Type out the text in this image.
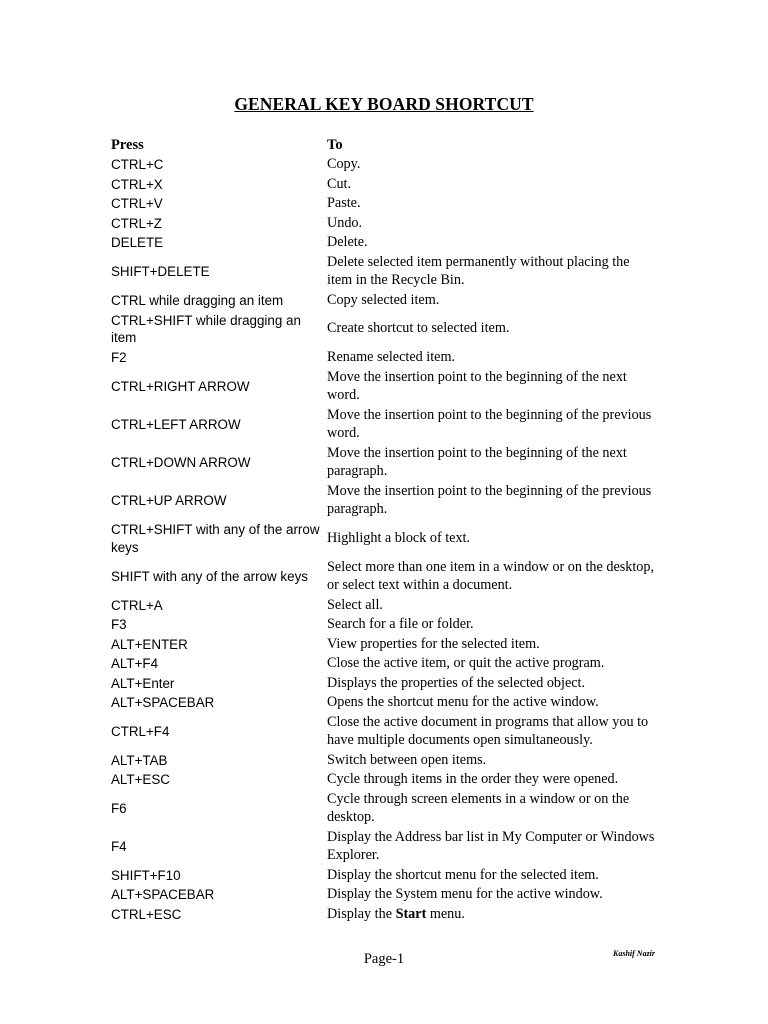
GENERAL KEY BOARD SHORTCUT
Press	To
CTRL+C	Copy.
CTRL+X	Cut.
CTRL+V	Paste.
CTRL+Z	Undo.
DELETE	Delete.
SHIFT+DELETE	Delete selected item permanently without placing the item in the Recycle Bin.
CTRL while dragging an item	Copy selected item.
CTRL+SHIFT while dragging an item	Create shortcut to selected item.
F2	Rename selected item.
CTRL+RIGHT ARROW	Move the insertion point to the beginning of the next word.
CTRL+LEFT ARROW	Move the insertion point to the beginning of the previous word.
CTRL+DOWN ARROW	Move the insertion point to the beginning of the next paragraph.
CTRL+UP ARROW	Move the insertion point to the beginning of the previous paragraph.
CTRL+SHIFT with any of the arrow keys	Highlight a block of text.
SHIFT with any of the arrow keys	Select more than one item in a window or on the desktop, or select text within a document.
CTRL+A	Select all.
F3	Search for a file or folder.
ALT+ENTER	View properties for the selected item.
ALT+F4	Close the active item, or quit the active program.
ALT+Enter	Displays the properties of the selected object.
ALT+SPACEBAR	Opens the shortcut menu for the active window.
CTRL+F4	Close the active document in programs that allow you to have multiple documents open simultaneously.
ALT+TAB	Switch between open items.
ALT+ESC	Cycle through items in the order they were opened.
F6	Cycle through screen elements in a window or on the desktop.
F4	Display the Address bar list in My Computer or Windows Explorer.
SHIFT+F10	Display the shortcut menu for the selected item.
ALT+SPACEBAR	Display the System menu for the active window.
CTRL+ESC	Display the Start menu.
Page-1	Kashif Nazir
